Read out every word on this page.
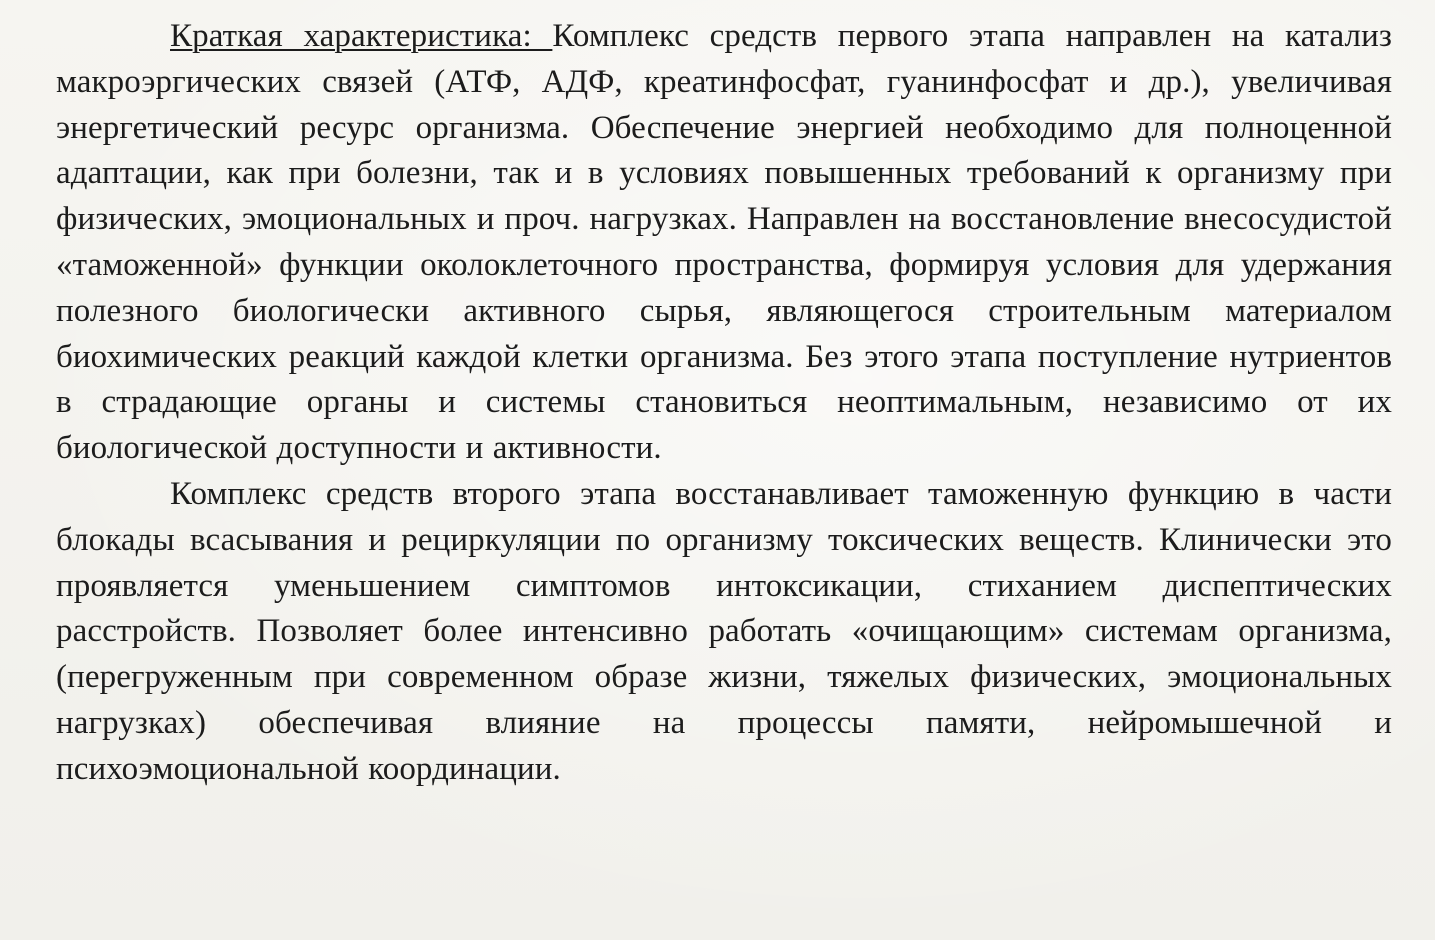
Краткая характеристика: Комплекс средств первого этапа направлен на катализ макроэргических связей (АТФ, АДФ, креатинфосфат, гуанинфосфат и др.), увеличивая энергетический ресурс организма. Обеспечение энергией необходимо для полноценной адаптации, как при болезни, так и в условиях повышенных требований к организму при физических, эмоциональных и проч. нагрузках. Направлен на восстановление внесосудистой «таможенной» функции околоклеточного пространства, формируя условия для удержания полезного биологически активного сырья, являющегося строительным материалом биохимических реакций каждой клетки организма. Без этого этапа поступление нутриентов в страдающие органы и системы становиться неоптимальным, независимо от их биологической доступности и активности.

Комплекс средств второго этапа восстанавливает таможенную функцию в части блокады всасывания и рециркуляции по организму токсических веществ. Клинически это проявляется уменьшением симптомов интоксикации, стиханием диспептических расстройств. Позволяет более интенсивно работать «очищающим» системам организма, (перегруженным при современном образе жизни, тяжелых физических, эмоциональных нагрузках) обеспечивая влияние на процессы памяти, нейромышечной и психоэмоциональной координации.
